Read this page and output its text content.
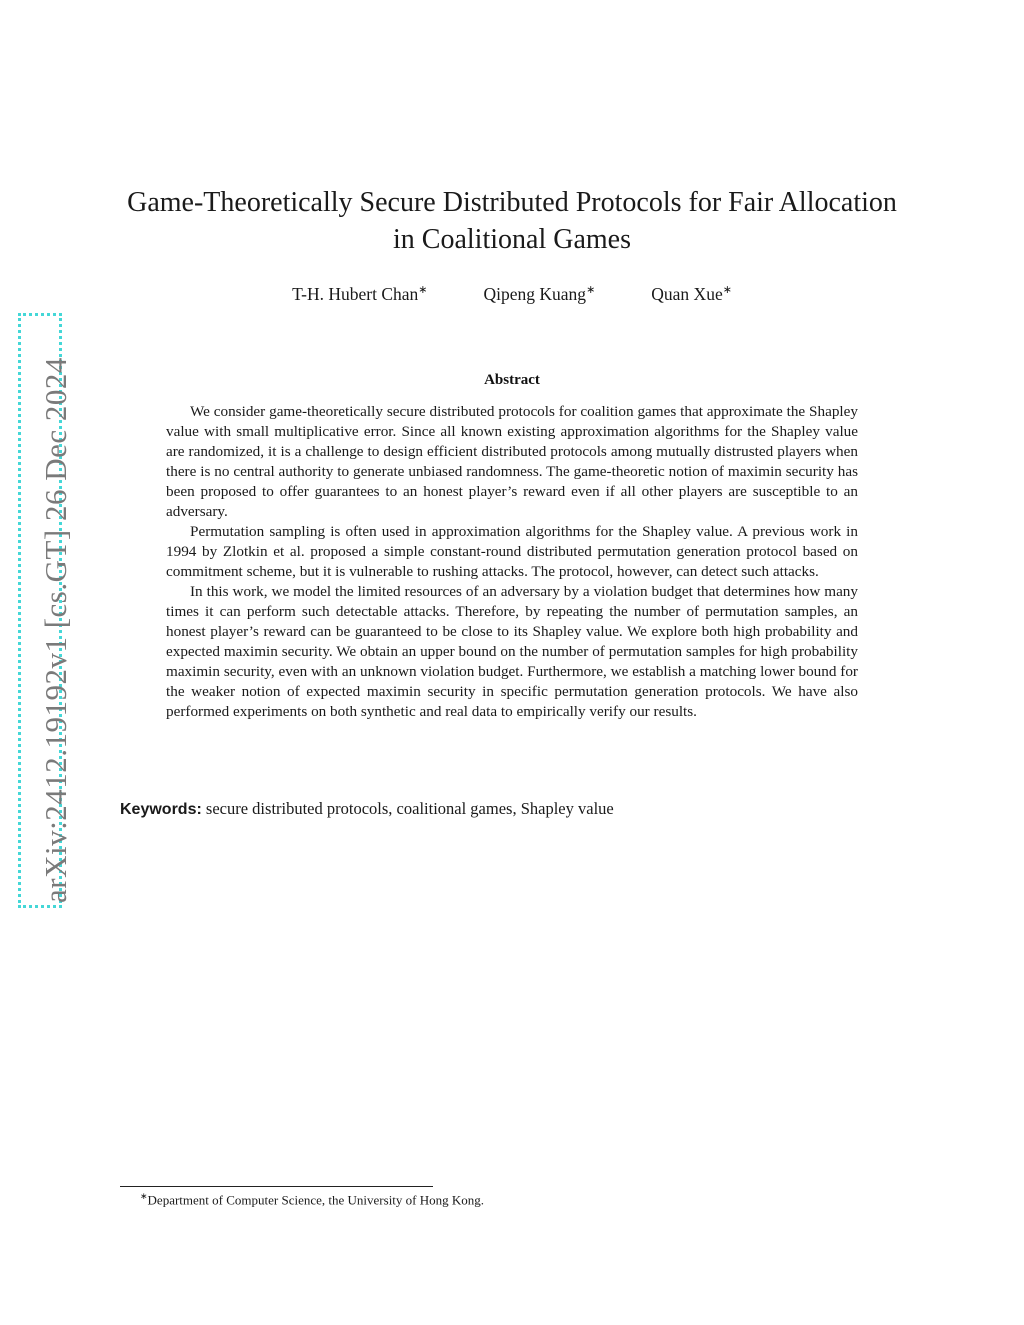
arXiv:2412.19192v1 [cs.GT] 26 Dec 2024
Game-Theoretically Secure Distributed Protocols for Fair Allocation in Coalitional Games
T-H. Hubert Chan∗	Qipeng Kuang∗	Quan Xue∗
Abstract

We consider game-theoretically secure distributed protocols for coalition games that approximate the Shapley value with small multiplicative error. Since all known existing approximation algorithms for the Shapley value are randomized, it is a challenge to design efficient distributed protocols among mutually distrusted players when there is no central authority to generate unbiased randomness. The game-theoretic notion of maximin security has been proposed to offer guarantees to an honest player’s reward even if all other players are susceptible to an adversary.

Permutation sampling is often used in approximation algorithms for the Shapley value. A previous work in 1994 by Zlotkin et al. proposed a simple constant-round distributed permutation generation protocol based on commitment scheme, but it is vulnerable to rushing attacks. The protocol, however, can detect such attacks.

In this work, we model the limited resources of an adversary by a violation budget that determines how many times it can perform such detectable attacks. Therefore, by repeating the number of permutation samples, an honest player’s reward can be guaranteed to be close to its Shapley value. We explore both high probability and expected maximin security. We obtain an upper bound on the number of permutation samples for high probability maximin security, even with an unknown violation budget. Furthermore, we establish a matching lower bound for the weaker notion of expected maximin security in specific permutation generation protocols. We have also performed experiments on both synthetic and real data to empirically verify our results.

Keywords: secure distributed protocols, coalitional games, Shapley value
∗Department of Computer Science, the University of Hong Kong.
